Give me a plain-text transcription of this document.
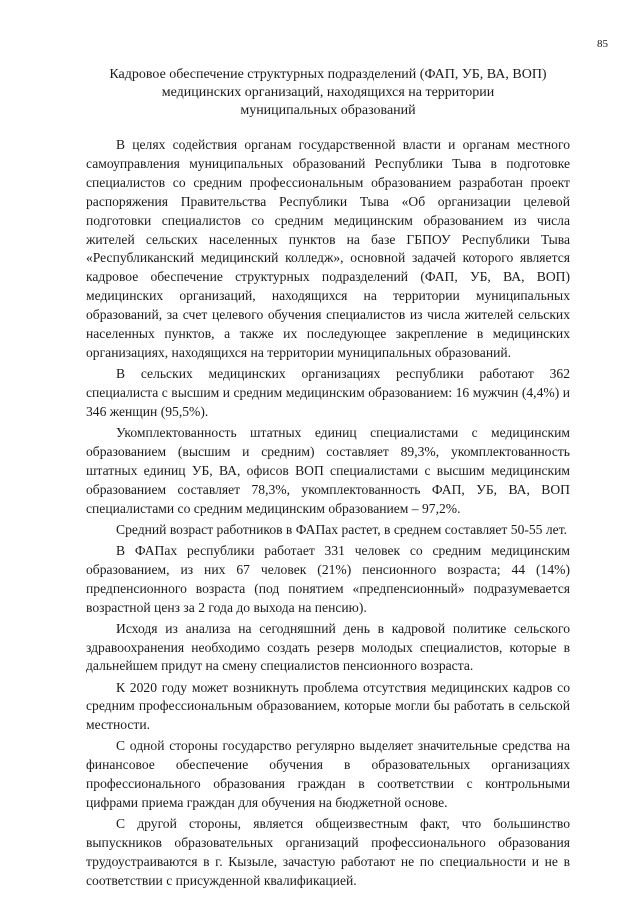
85
Кадровое обеспечение структурных подразделений (ФАП, УБ, ВА, ВОП)
медицинских организаций, находящихся на территории
муниципальных образований

В целях содействия органам государственной власти и органам местного самоуправления муниципальных образований Республики Тыва в подготовке специалистов со средним профессиональным образованием разработан проект распоряжения Правительства Республики Тыва «Об организации целевой подготовки специалистов со средним медицинским образованием из числа жителей сельских населенных пунктов на базе ГБПОУ Республики Тыва «Республиканский медицинский колледж», основной задачей которого является кадровое обеспечение структурных подразделений (ФАП, УБ, ВА, ВОП) медицинских организаций, находящихся на территории муниципальных образований, за счет целевого обучения специалистов из числа жителей сельских населенных пунктов, а также их последующее закрепление в медицинских организациях, находящихся на территории муниципальных образований.

В сельских медицинских организациях республики работают 362 специалиста с высшим и средним медицинским образованием: 16 мужчин (4,4%) и 346 женщин (95,5%).

Укомплектованность штатных единиц специалистами с медицинским образованием (высшим и средним) составляет 89,3%, укомплектованность штатных единиц УБ, ВА, офисов ВОП специалистами с высшим медицинским образованием составляет 78,3%, укомплектованность ФАП, УБ, ВА, ВОП специалистами со средним медицинским образованием – 97,2%.

Средний возраст работников в ФАПах растет, в среднем составляет 50-55 лет.

В ФАПах республики работает 331 человек со средним медицинским образованием, из них 67 человек (21%) пенсионного возраста; 44 (14%) предпенсионного возраста (под понятием «предпенсионный» подразумевается возрастной ценз за 2 года до выхода на пенсию).

Исходя из анализа на сегодняшний день в кадровой политике сельского здравоохранения необходимо создать резерв молодых специалистов, которые в дальнейшем придут на смену специалистов пенсионного возраста.

К 2020 году может возникнуть проблема отсутствия медицинских кадров со средним профессиональным образованием, которые могли бы работать в сельской местности.

С одной стороны государство регулярно выделяет значительные средства на финансовое обеспечение обучения в образовательных организациях профессионального образования граждан в соответствии с контрольными цифрами приема граждан для обучения на бюджетной основе.

С другой стороны, является общеизвестным факт, что большинство выпускников образовательных организаций профессионального образования трудоустраиваются в г. Кызыле, зачастую работают не по специальности и не в соответствии с присужденной квалификацией.
